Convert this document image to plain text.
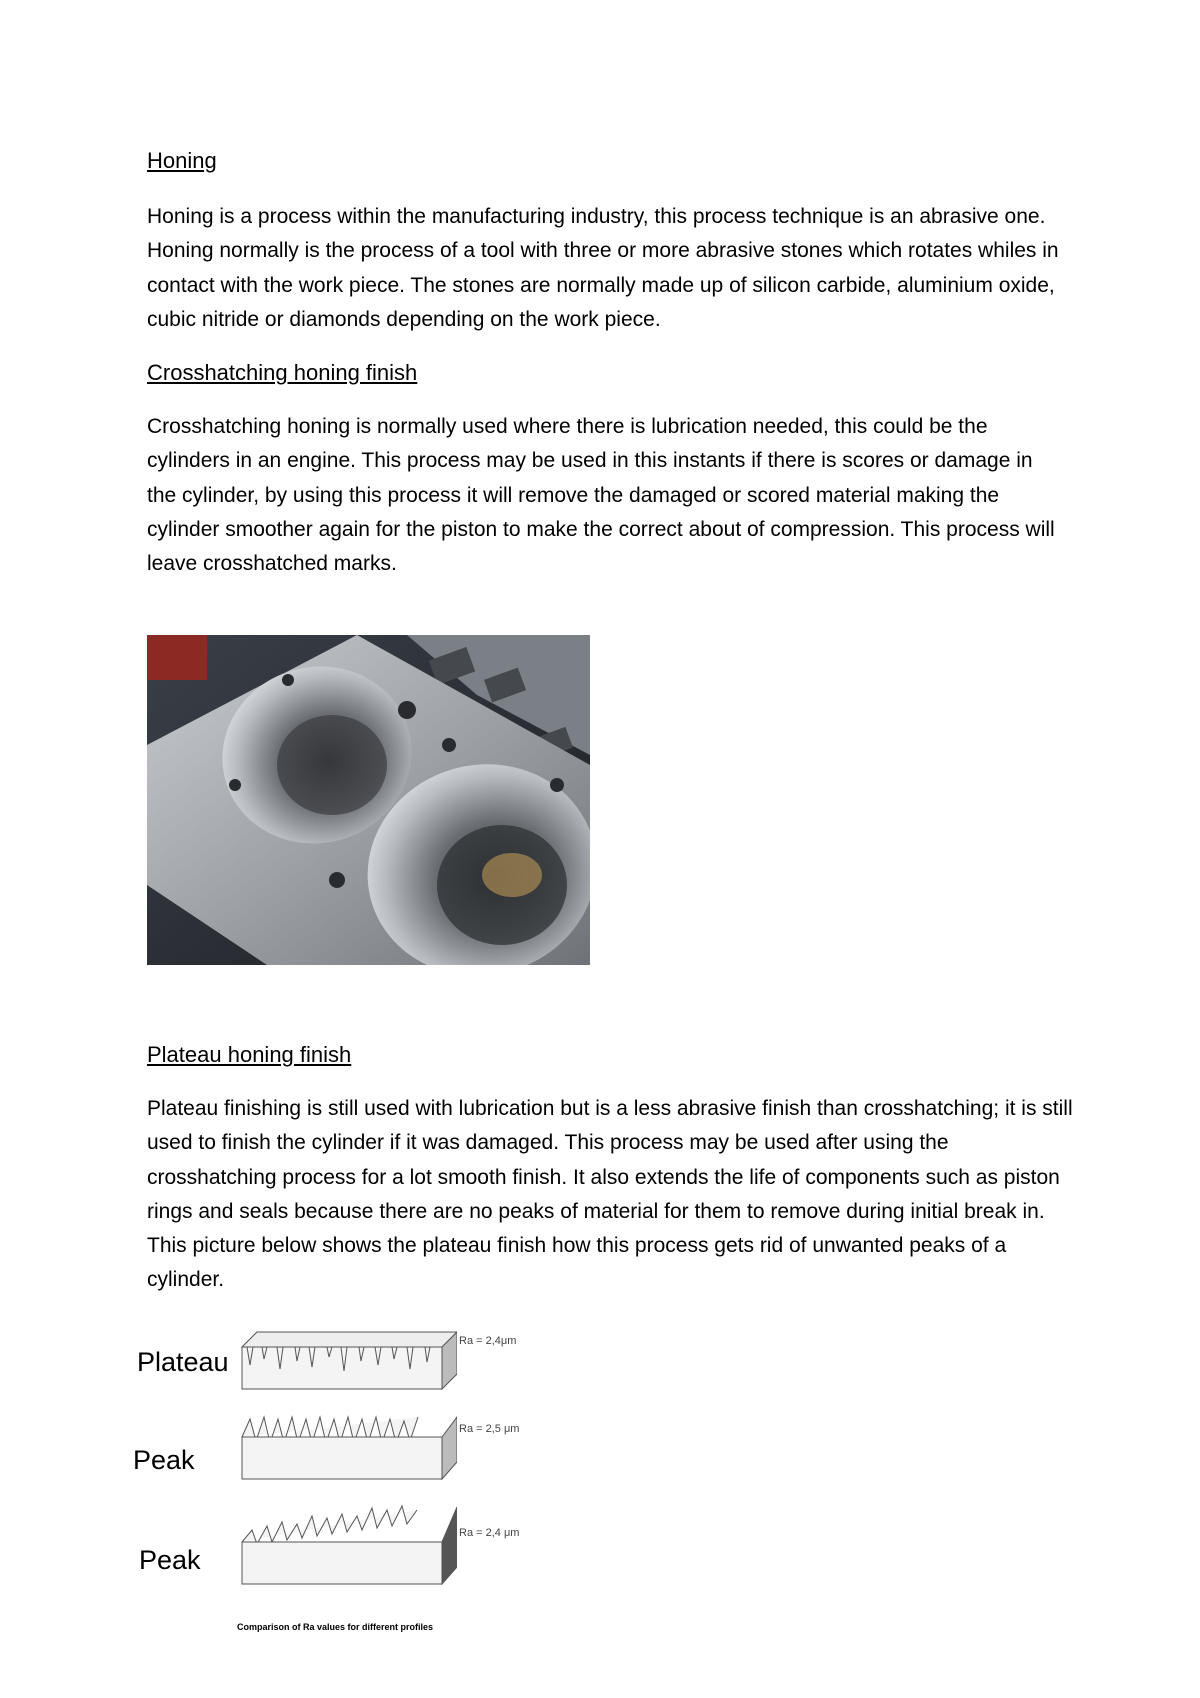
Honing

Honing is a process within the manufacturing industry, this process technique is an abrasive one. Honing normally is the process of a tool with three or more abrasive stones which rotates whiles in contact with the work piece. The stones are normally made up of silicon carbide, aluminium oxide, cubic nitride or diamonds depending on the work piece.

Crosshatching honing finish

Crosshatching honing is normally used where there is lubrication needed, this could be the cylinders in an engine. This process may be used in this instants if there is scores or damage in the cylinder, by using this process it will remove the damaged or scored material making the cylinder smoother again for the piston to make the correct about of compression. This process will leave crosshatched marks.

Plateau honing finish

Plateau finishing is still used with lubrication but is a less abrasive finish than crosshatching; it is still used to finish the cylinder if it was damaged. This process may be used after using the crosshatching process for a lot smooth finish. It also extends the life of components such as piston rings and seals because there are no peaks of material for them to remove during initial break in. This picture below shows the plateau finish how this process gets rid of unwanted peaks of a cylinder.

Plateau
Peak
Peak
Ra = 2,4μm
Ra = 2,5 μm
Ra = 2,4 μm
Comparison of Ra values for different profiles
